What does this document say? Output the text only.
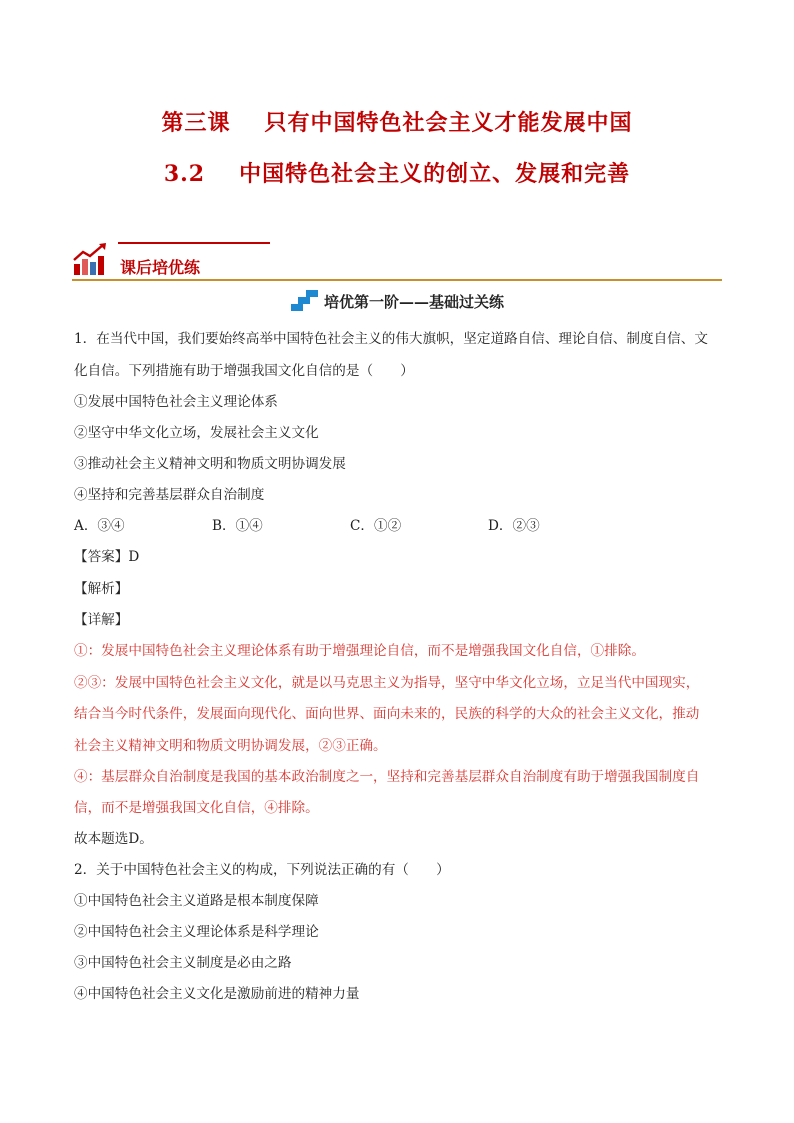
第三课 只有中国特色社会主义才能发展中国
3.2 中国特色社会主义的创立、发展和完善
课后培优练
培优第一阶——基础过关练
1．在当代中国，我们要始终高举中国特色社会主义的伟大旗帜，坚定道路自信、理论自信、制度自信、文
化自信。下列措施有助于增强我国文化自信的是（　　）
①发展中国特色社会主义理论体系
②坚守中华文化立场，发展社会主义文化
③推动社会主义精神文明和物质文明协调发展
④坚持和完善基层群众自治制度
A．③④	B．①④	C．①②	D．②③
【答案】D
【解析】
【详解】
①：发展中国特色社会主义理论体系有助于增强理论自信，而不是增强我国文化自信，①排除。
②③：发展中国特色社会主义文化，就是以马克思主义为指导，坚守中华文化立场，立足当代中国现实，
结合当今时代条件，发展面向现代化、面向世界、面向未来的，民族的科学的大众的社会主义文化，推动
社会主义精神文明和物质文明协调发展，②③正确。
④：基层群众自治制度是我国的基本政治制度之一，坚持和完善基层群众自治制度有助于增强我国制度自
信，而不是增强我国文化自信，④排除。
故本题选D。
2．关于中国特色社会主义的构成，下列说法正确的有（　　）
①中国特色社会主义道路是根本制度保障
②中国特色社会主义理论体系是科学理论
③中国特色社会主义制度是必由之路
④中国特色社会主义文化是激励前进的精神力量
